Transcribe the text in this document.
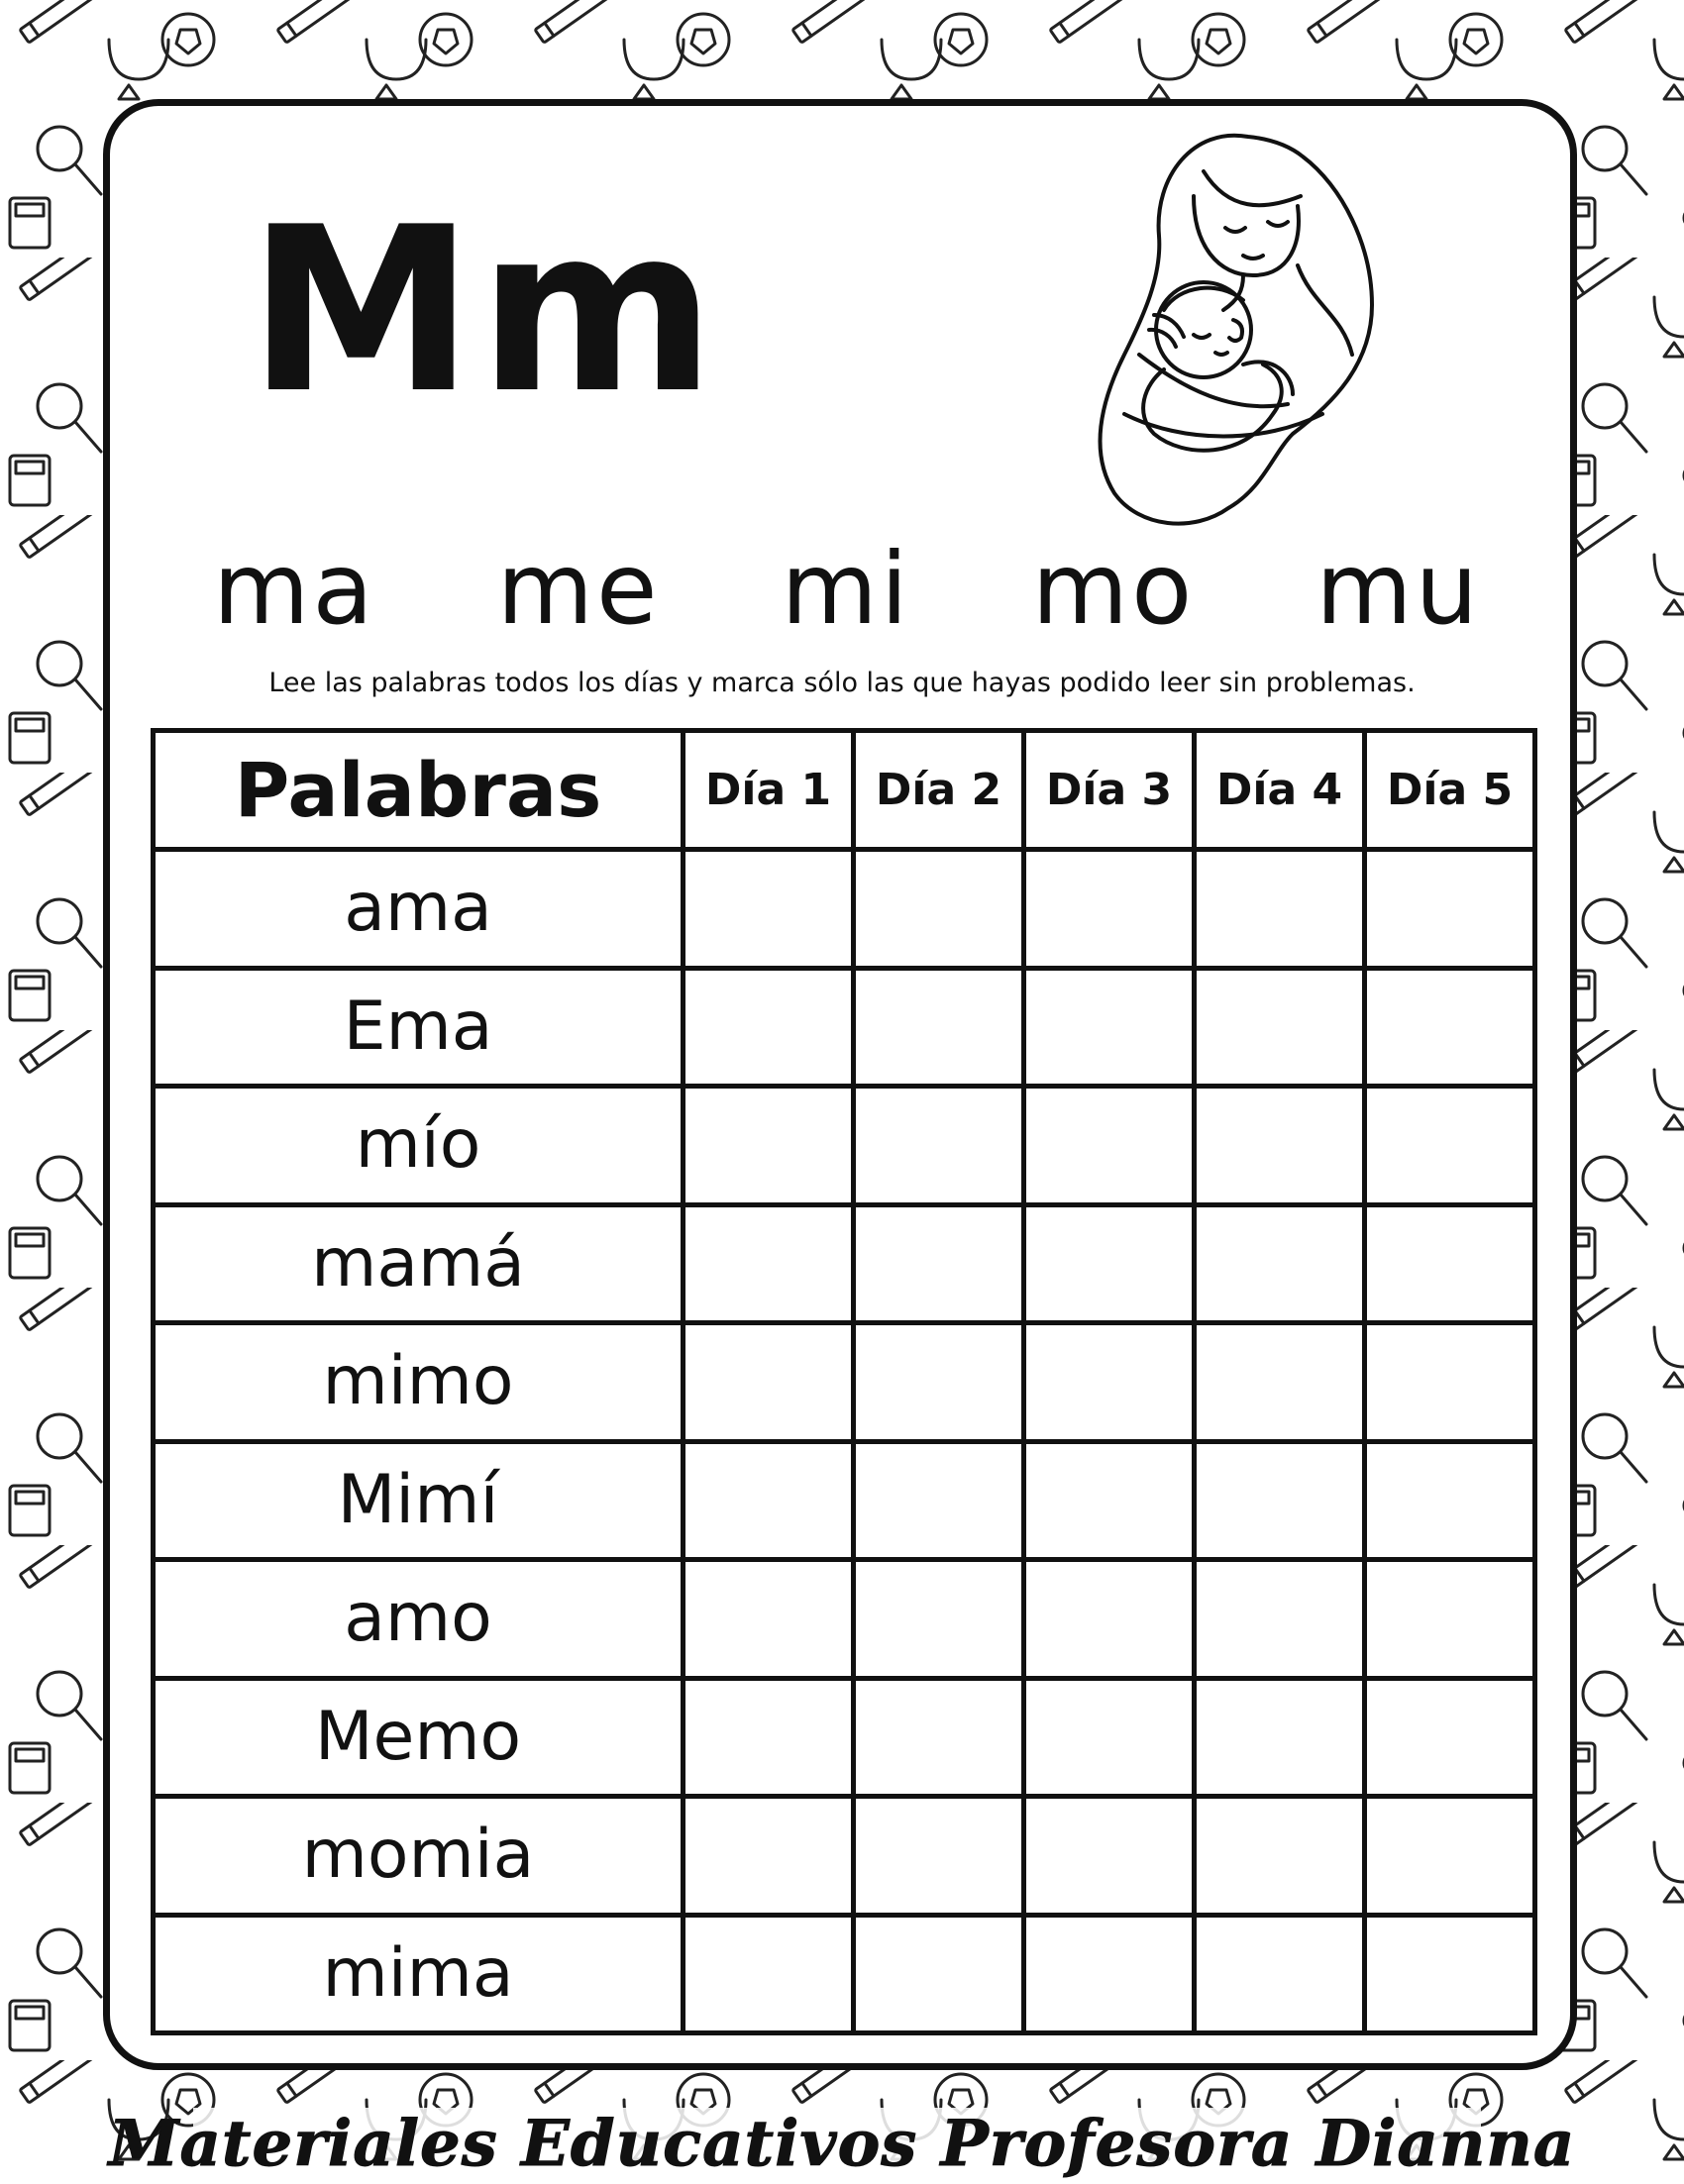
Mm
ma me mi mo mu
Lee las palabras todos los días y marca sólo las que hayas podido leer sin problemas.
Palabras	Día 1	Día 2	Día 3	Día 4	Día 5
ama					
Ema					
mío					
mamá					
mimo					
Mimí					
amo					
Memo					
momia					
mima					
Materiales Educativos Profesora Dianna
